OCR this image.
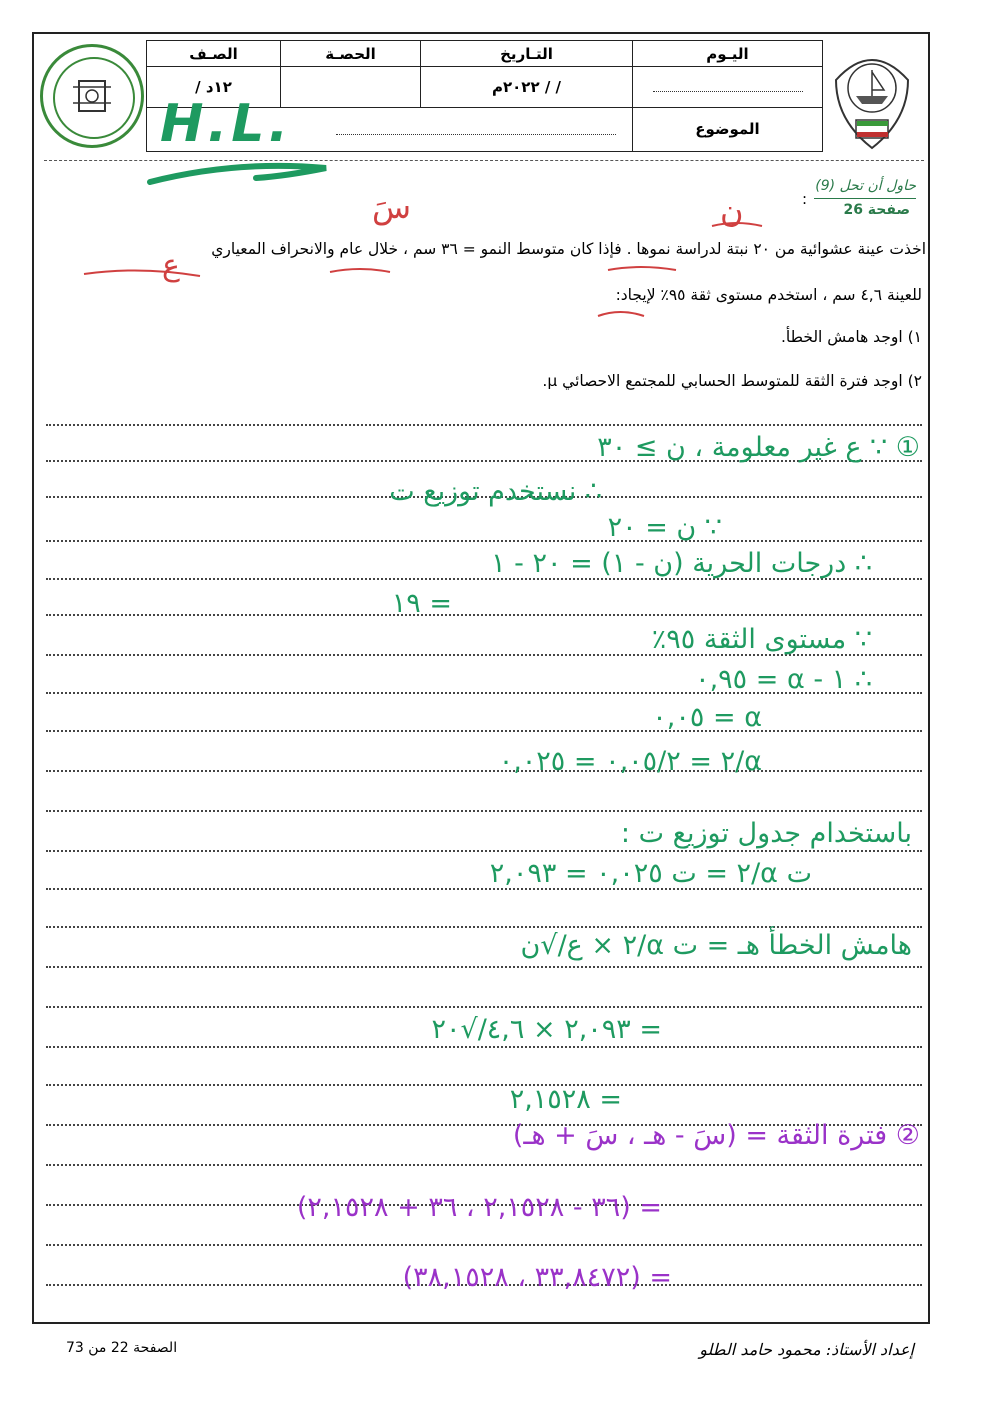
اليـوم	التـاريخ	الحصـة	الصـف
	/ / ٢٠٢٢م		١٢د /
الموضوع			
H.L.
حاول أن تحل (9)
صفحة 26
:
ن
سَ
ع اخذت عينة عشوائية من ٢٠ نبتة لدراسة نموها . فإذا كان متوسط النمو = ٣٦ سم ، خلال عام والانحراف المعياري
للعينة ٤,٦ سم ، استخدم مستوى ثقة ٩٥٪ لإيجاد:
١) اوجد هامش الخطأ.
٢) اوجد فترة الثقة للمتوسط الحسابي للمجتمع الاحصائي μ.
① ∵ ع غير معلومة ، ن ≥ ٣٠
∴ نستخدم توزيع ت
∵ ن = ٢٠
∴ درجات الحرية (ن - ١) = ٢٠ - ١
= ١٩
∵ مستوى الثقة ٩٥٪
∴ ١ - α = ٠,٩٥
α = ٠,٠٥
α/٢ = ٠,٠٥/٢ = ٠,٠٢٥
باستخدام جدول توزيع ت :
ت α/٢ = ت ٠,٠٢٥ = ٢,٠٩٣
هامش الخطأ هـ = ت α/٢ × ع/√ن
= ٢,٠٩٣ × ٤,٦/√٢٠
= ٢,١٥٢٨
② فترة الثقة = (سَ - هـ ، سَ + هـ)
= (٣٦ - ٢,١٥٢٨ ، ٣٦ + ٢,١٥٢٨)
= (٣٣,٨٤٧٢ ، ٣٨,١٥٢٨)
إعداد الأستاذ: محمود حامد الطلو
الصفحة 22 من 73
